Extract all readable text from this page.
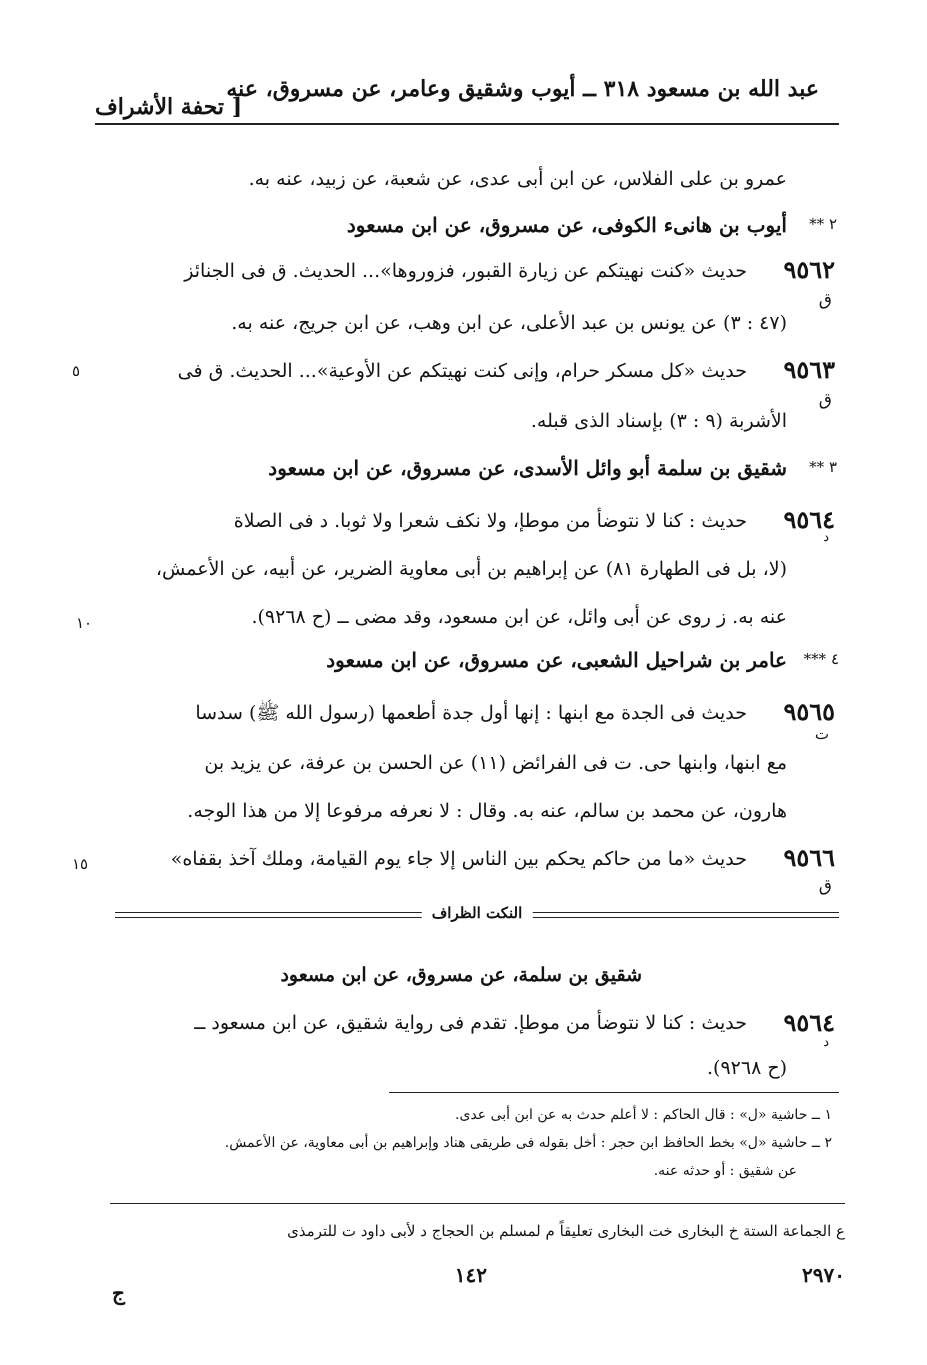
عبد الله بن مسعود ٣١٨ ــ أيوب وشقيق وعامر، عن مسروق، عنه
[ تحفة الأشراف
عمرو بن على الفلاس، عن ابن أبى عدى، عن شعبة، عن زبيد، عنه به.
٢ **
أيوب بن هانىء الكوفى، عن مسروق، عن ابن مسعود
٩٥٦٢
حديث «كنت نهيتكم عن زيارة القبور، فزوروها»... الحديث. ق فى الجنائز
ق
(٤٧ : ٣) عن يونس بن عبد الأعلى، عن ابن وهب، عن ابن جريج، عنه به.
٩٥٦٣
حديث «كل مسكر حرام، وإنى كنت نهيتكم عن الأوعية»... الحديث. ق فى
٥
ق
الأشربة (٩ : ٣) بإسناد الذى قبله.
٣ **
شقيق بن سلمة أبو وائل الأسدى، عن مسروق، عن ابن مسعود
٩٥٦٤
حديث : كنا لا نتوضأ من موطإ، ولا نكف شعرا ولا ثوبا. د فى الصلاة
د
(لا، بل فى الطهارة ٨١) عن إبراهيم بن أبى معاوية الضرير، عن أبيه، عن الأعمش،
عنه به. ز روى عن أبى وائل، عن ابن مسعود، وقد مضى ــ (ح ٩٢٦٨).
١٠
٤ ***
عامر بن شراحيل الشعبى، عن مسروق، عن ابن مسعود
٩٥٦٥
حديث فى الجدة مع ابنها : إنها أول جدة أطعمها (رسول الله ﷺ) سدسا
ت
مع ابنها، وابنها حى. ت فى الفرائض (١١) عن الحسن بن عرفة، عن يزيد بن
هارون، عن محمد بن سالم، عنه به. وقال : لا نعرفه مرفوعا إلا من هذا الوجه.
٩٥٦٦
حديث «ما من حاكم يحكم بين الناس إلا جاء يوم القيامة، وملك آخذ بقفاه»
١٥
ق
النكت الظراف
شقيق بن سلمة، عن مسروق، عن ابن مسعود
٩٥٦٤
حديث : كنا لا نتوضأ من موطإ. تقدم فى رواية شقيق، عن ابن مسعود ــ
د
(ح ٩٢٦٨).
١ ــ حاشية «ل» : قال الحاكم : لا أعلم حدث به عن ابن أبى عدى.
٢ ــ حاشية «ل» بخط الحافظ ابن حجر : أخل بقوله فى طريقى هناد وإبراهيم بن أبى معاوية، عن الأعمش.
عن شقيق : أو حدثه عنه.
ع الجماعة الستة خ البخارى خت البخارى تعليقاً م لمسلم بن الحجاج د لأبى داود ت للترمذى
١٤٢	٢٩٧٠
ج
